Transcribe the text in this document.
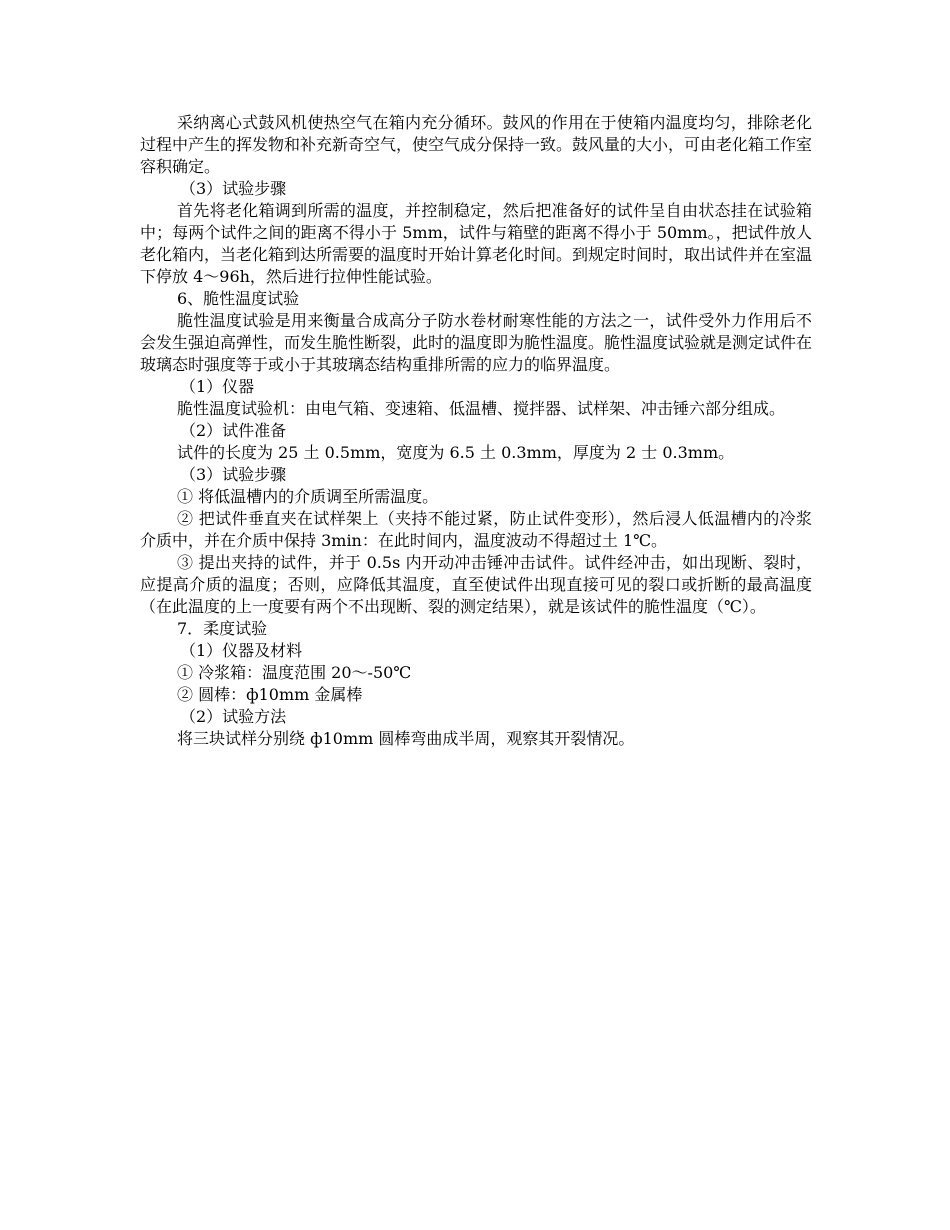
采纳离心式鼓风机使热空气在箱内充分循环。鼓风的作用在于使箱内温度均匀，排除老化过程中产生的挥发物和补充新奇空气，使空气成分保持一致。鼓风量的大小，可由老化箱工作室容积确定。

（3）试验步骤

首先将老化箱调到所需的温度，并控制稳定，然后把准备好的试件呈自由状态挂在试验箱中；每两个试件之间的距离不得小于 5mm，试件与箱壁的距离不得小于 50mm。，把试件放人老化箱内，当老化箱到达所需要的温度时开始计算老化时间。到规定时间时，取出试件并在室温下停放 4～96h，然后进行拉伸性能试验。

6、脆性温度试验

脆性温度试验是用来衡量合成高分子防水卷材耐寒性能的方法之一，试件受外力作用后不会发生强迫高弹性，而发生脆性断裂，此时的温度即为脆性温度。脆性温度试验就是测定试件在玻璃态时强度等于或小于其玻璃态结构重排所需的应力的临界温度。

（1）仪器

脆性温度试验机：由电气箱、变速箱、低温槽、搅拌器、试样架、冲击锤六部分组成。

（2）试件准备

试件的长度为 25 土 0.5mm，宽度为 6.5 土 0.3mm，厚度为 2 士 0.3mm。

（3）试验步骤

① 将低温槽内的介质调至所需温度。

② 把试件垂直夹在试样架上（夹持不能过紧，防止试件变形），然后浸人低温槽内的冷浆介质中，并在介质中保持 3min：在此时间内，温度波动不得超过土 1℃。

③ 提出夹持的试件，并于 0.5s 内开动冲击锤冲击试件。试件经冲击，如出现断、裂时，应提高介质的温度；否则，应降低其温度，直至使试件出现直接可见的裂口或折断的最高温度（在此温度的上一度要有两个不出现断、裂的测定结果），就是该试件的脆性温度（℃）。

7．柔度试验

（1）仪器及材料

① 冷浆箱：温度范围 20～-50℃

② 圆棒：ф10mm 金属棒

（2）试验方法

将三块试样分别绕 ф10mm 圆棒弯曲成半周，观察其开裂情况。
